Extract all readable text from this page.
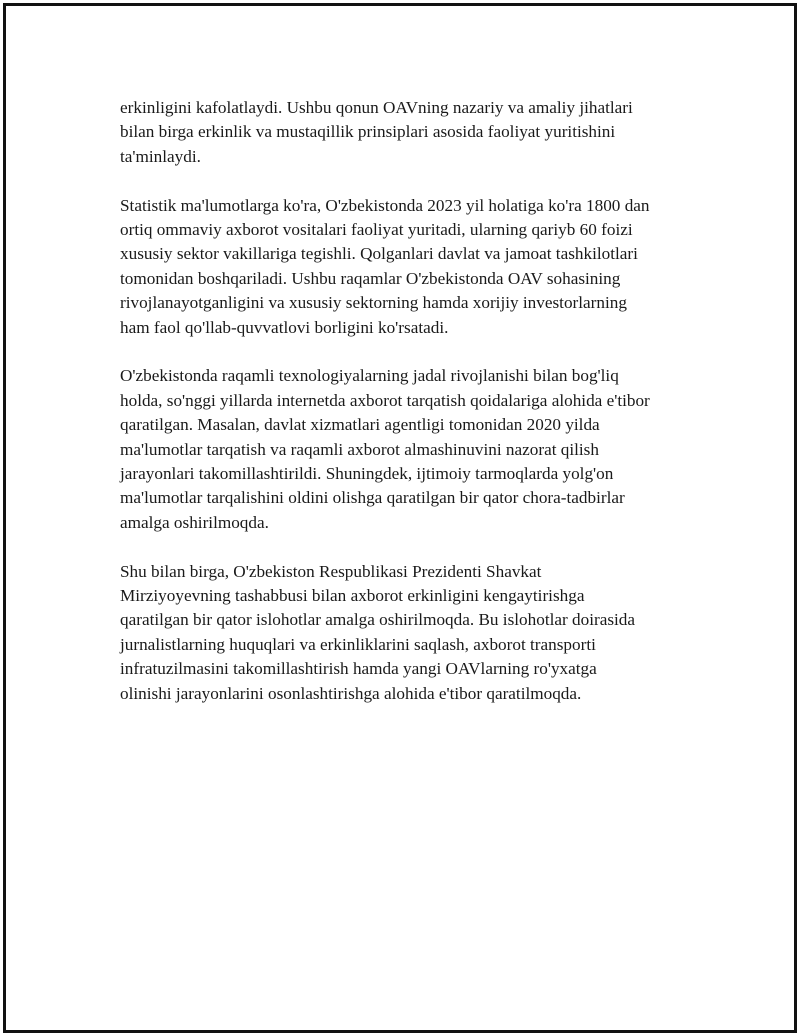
erkinligini kafolatlaydi. Ushbu qonun OAVning nazariy va amaliy jihatlari
bilan birga erkinlik va mustaqillik prinsiplari asosida faoliyat yuritishini
ta'minlaydi.

Statistik ma'lumotlarga ko'ra, O'zbekistonda 2023 yil holatiga ko'ra 1800 dan
ortiq ommaviy axborot vositalari faoliyat yuritadi, ularning qariyb 60 foizi
xususiy sektor vakillariga tegishli. Qolganlari davlat va jamoat tashkilotlari
tomonidan boshqariladi. Ushbu raqamlar O'zbekistonda OAV sohasining
rivojlanayotganligini va xususiy sektorning hamda xorijiy investorlarning
ham faol qo'llab-quvvatlovi borligini ko'rsatadi.

O'zbekistonda raqamli texnologiyalarning jadal rivojlanishi bilan bog'liq
holda, so'nggi yillarda internetda axborot tarqatish qoidalariga alohida e'tibor
qaratilgan. Masalan, davlat xizmatlari agentligi tomonidan 2020 yilda
ma'lumotlar tarqatish va raqamli axborot almashinuvini nazorat qilish
jarayonlari takomillashtirildi. Shuningdek, ijtimoiy tarmoqlarda yolg'on
ma'lumotlar tarqalishini oldini olishga qaratilgan bir qator chora-tadbirlar
amalga oshirilmoqda.

Shu bilan birga, O'zbekiston Respublikasi Prezidenti Shavkat
Mirziyoyevning tashabbusi bilan axborot erkinligini kengaytirishga
qaratilgan bir qator islohotlar amalga oshirilmoqda. Bu islohotlar doirasida
jurnalistlarning huquqlari va erkinliklarini saqlash, axborot transporti
infratuzilmasini takomillashtirish hamda yangi OAVlarning ro'yxatga
olinishi jarayonlarini osonlashtirishga alohida e'tibor qaratilmoqda.
